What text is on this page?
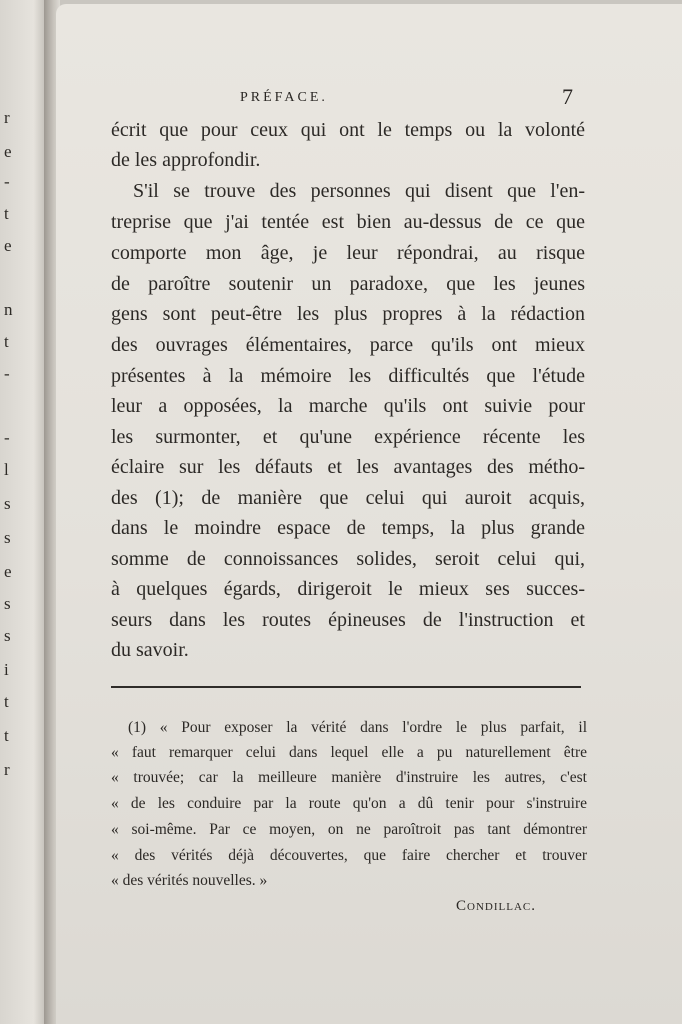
r
e
-
t
e
n
t
-
-
l
s
s
e
s
s
i
t
t
r
PRÉFACE.	7
écrit que pour ceux qui ont le temps ou la volonté
de les approfondir.
S'il se trouve des personnes qui disent que l'en-
treprise que j'ai tentée est bien au-dessus de ce que
comporte mon âge, je leur répondrai, au risque
de paroître soutenir un paradoxe, que les jeunes
gens sont peut-être les plus propres à la rédaction
des ouvrages élémentaires, parce qu'ils ont mieux
présentes à la mémoire les difficultés que l'étude
leur a opposées, la marche qu'ils ont suivie pour
les surmonter, et qu'une expérience récente les
éclaire sur les défauts et les avantages des métho-
des (1); de manière que celui qui auroit acquis,
dans le moindre espace de temps, la plus grande
somme de connoissances solides, seroit celui qui,
à quelques égards, dirigeroit le mieux ses succes-
seurs dans les routes épineuses de l'instruction et
du savoir.
(1) « Pour exposer la vérité dans l'ordre le plus parfait, il
« faut remarquer celui dans lequel elle a pu naturellement être
« trouvée; car la meilleure manière d'instruire les autres, c'est
« de les conduire par la route qu'on a dû tenir pour s'instruire
« soi-même. Par ce moyen, on ne paroîtroit pas tant démontrer
« des vérités déjà découvertes, que faire chercher et trouver
« des vérités nouvelles. »
Condillac.
